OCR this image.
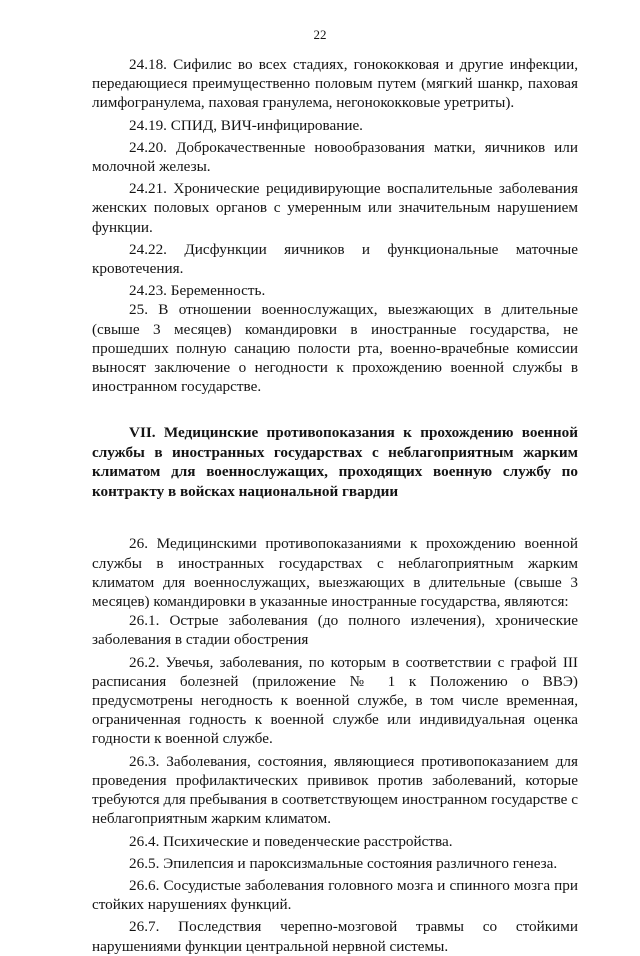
22

24.18. Сифилис во всех стадиях, гонококковая и другие инфекции, передающиеся преимущественно половым путем (мягкий шанкр, паховая лимфогранулема, паховая гранулема, негонококковые уретриты).

24.19. СПИД, ВИЧ-инфицирование.

24.20. Доброкачественные новообразования матки, яичников или молочной железы.

24.21. Хронические рецидивирующие воспалительные заболевания женских половых органов с умеренным или значительным нарушением функции.

24.22. Дисфункции яичников и функциональные маточные кровотечения.

24.23. Беременность.

25. В отношении военнослужащих, выезжающих в длительные (свыше 3 месяцев) командировки в иностранные государства, не прошедших полную санацию полости рта, военно-врачебные комиссии выносят заключение о негодности к прохождению военной службы в иностранном государстве.

VII. Медицинские противопоказания к прохождению военной службы в иностранных государствах с неблагоприятным жарким климатом для военнослужащих, проходящих военную службу по контракту в войсках национальной гвардии

26. Медицинскими противопоказаниями к прохождению военной службы в иностранных государствах с неблагоприятным жарким климатом для военнослужащих, выезжающих в длительные (свыше 3 месяцев) командировки в указанные иностранные государства, являются:

26.1. Острые заболевания (до полного излечения), хронические заболевания в стадии обострения

26.2. Увечья, заболевания, по которым в соответствии с графой III расписания болезней (приложение № 1 к Положению о ВВЭ) предусмотрены негодность к военной службе, в том числе временная, ограниченная годность к военной службе или индивидуальная оценка годности к военной службе.

26.3. Заболевания, состояния, являющиеся противопоказанием для проведения профилактических прививок против заболеваний, которые требуются для пребывания в соответствующем иностранном государстве с неблагоприятным жарким климатом.

26.4. Психические и поведенческие расстройства.

26.5. Эпилепсия и пароксизмальные состояния различного генеза.

26.6. Сосудистые заболевания головного мозга и спинного мозга при стойких нарушениях функций.

26.7. Последствия черепно-мозговой травмы со стойкими нарушениями функции центральной нервной системы.
